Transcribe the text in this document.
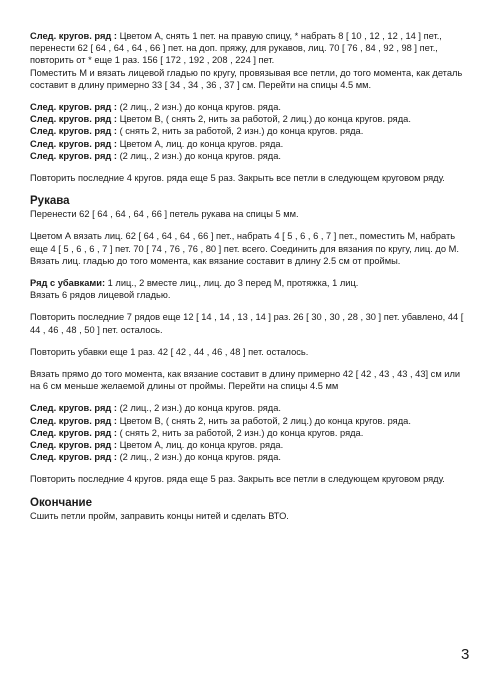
След. кругов. ряд : Цветом А, снять 1 пет. на правую спицу, * набрать 8 [ 10 , 12 , 12 , 14 ] пет., перенести 62 [ 64 , 64 , 64 , 66 ] пет. на доп. пряжу, для рукавов, лиц. 70 [ 76 , 84 , 92 , 98 ] пет., повторить от * еще 1 раз. 156 [ 172 , 192 , 208 , 224 ] пет.

Поместить М и вязать лицевой гладью по кругу, провязывая все петли, до того момента, как деталь составит в длину примерно 33 [ 34 , 34 , 36 , 37 ] см. Перейти на спицы 4.5 мм.

След. кругов. ряд : (2 лиц., 2 изн.) до конца кругов. ряда.

След. кругов. ряд : Цветом В, ( снять 2, нить за работой, 2 лиц.) до конца кругов. ряда.

След. кругов. ряд : ( снять 2, нить за работой, 2 изн.) до конца кругов. ряда.

След. кругов. ряд : Цветом А, лиц. до конца кругов. ряда.

След. кругов. ряд : (2 лиц., 2 изн.) до конца кругов. ряда.

Повторить последние 4 кругов. ряда еще 5 раз. Закрыть все петли в следующем круговом ряду.

Рукава

Перенести 62 [ 64 , 64 , 64 , 66 ] петель рукава на спицы 5 мм.

Цветом А вязать лиц. 62 [ 64 , 64 , 64 , 66 ] пет., набрать 4 [ 5 , 6 , 6 , 7 ] пет., поместить М, набрать еще 4 [ 5 , 6 , 6 , 7 ] пет. 70 [ 74 , 76 , 76 , 80 ] пет. всего. Соединить для вязания по кругу, лиц. до М.

Вязать лиц. гладью до того момента, как вязание составит в длину 2.5 см от проймы.

Ряд с убавками: 1 лиц., 2 вместе лиц., лиц. до 3 перед М, протяжка, 1 лиц.

Вязать 6 рядов лицевой гладью.

Повторить последние 7 рядов еще 12 [ 14 , 14 , 13 , 14 ] раз. 26 [ 30 , 30 , 28 , 30 ] пет. убавлено, 44 [ 44 , 46 , 48 , 50 ] пет. осталось.

Повторить убавки еще 1 раз. 42 [ 42 , 44 , 46 , 48 ] пет. осталось.

Вязать прямо до того момента, как вязание составит в длину примерно 42 [ 42 , 43 , 43 , 43] см или на 6 см меньше желаемой длины от проймы. Перейти на спицы 4.5 мм

След. кругов. ряд : (2 лиц., 2 изн.) до конца кругов. ряда.

След. кругов. ряд : Цветом В, ( снять 2, нить за работой, 2 лиц.) до конца кругов. ряда.

След. кругов. ряд : ( снять 2, нить за работой, 2 изн.) до конца кругов. ряда.

След. кругов. ряд : Цветом А, лиц. до конца кругов. ряда.

След. кругов. ряд : (2 лиц., 2 изн.) до конца кругов. ряда.

Повторить последние 4 кругов. ряда еще 5 раз. Закрыть все петли в следующем круговом ряду.

Окончание

Сшить петли пройм, заправить концы нитей и сделать ВТО.

3
